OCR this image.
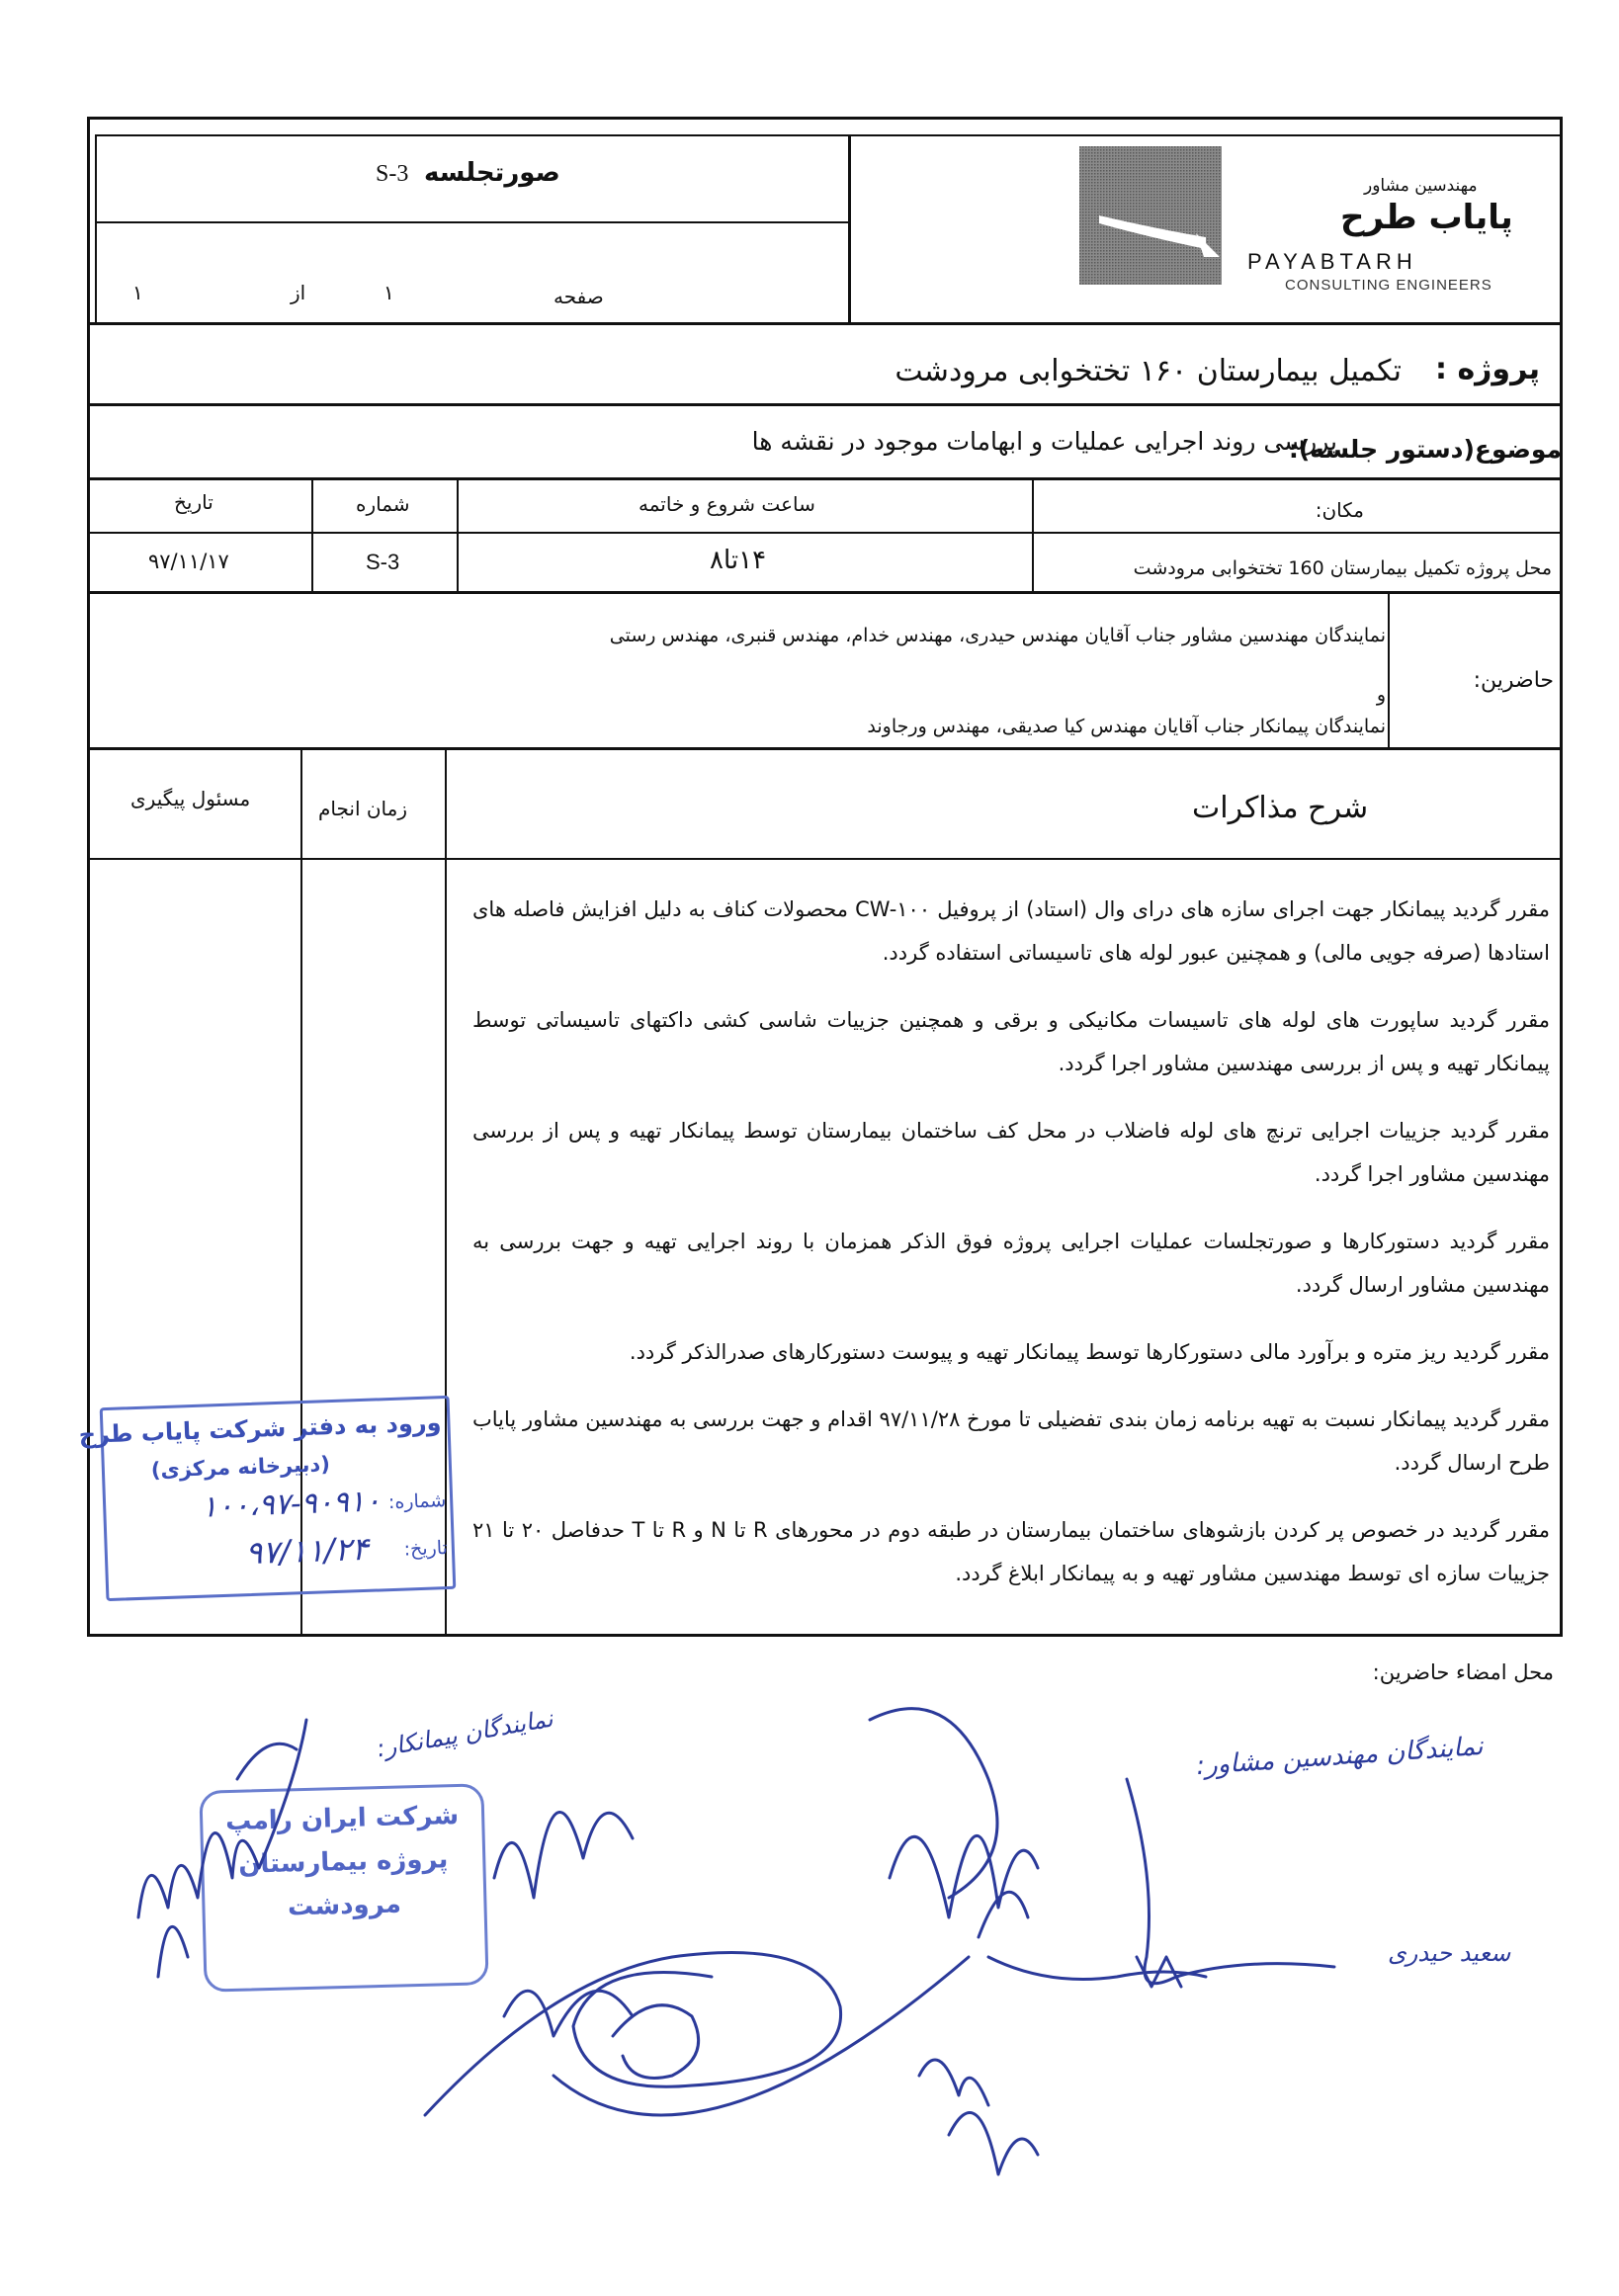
صورتجلسه S-3
صفحه
۱
از
۱
مهندسین مشاور
پایاب طرح
PAYABTARH
CONSULTING ENGINEERS
پروژه :
تکمیل بیمارستان ۱۶۰ تختخوابی مرودشت
موضوع(دستور جلسه):
بررسی روند اجرایی عملیات و ابهامات موجود در نقشه ها
مکان:
ساعت شروع و خاتمه
شماره
تاریخ
محل پروژه تکمیل بیمارستان 160 تختخوابی مرودشت
۱۴تا۸
S-3
۹۷/۱۱/۱۷
حاضرین:
نمایندگان مهندسین مشاور جناب آقایان مهندس حیدری، مهندس خدام، مهندس قنبری، مهندس رستی
و
نمایندگان پیمانکار جناب آقایان مهندس کیا صدیقی، مهندس ورجاوند
شرح مذاکرات
زمان انجام
مسئول پیگیری

مقرر گردید پیمانکار جهت اجرای سازه های درای وال (استاد) از پروفیل CW-۱۰۰ محصولات کناف به دلیل افزایش فاصله های استادها (صرفه جویی مالی) و همچنین عبور لوله های تاسیساتی استفاده گردد.

مقرر گردید ساپورت های لوله های تاسیسات مکانیکی و برقی و همچنین جزییات شاسی کشی داکتهای تاسیساتی توسط پیمانکار تهیه و پس از بررسی مهندسین مشاور اجرا گردد.

مقرر گردید جزییات اجرایی ترنچ های لوله فاضلاب در محل کف ساختمان بیمارستان توسط پیمانکار تهیه و پس از بررسی مهندسین مشاور اجرا گردد.

مقرر گردید دستورکارها و صورتجلسات عملیات اجرایی پروژه فوق الذکر همزمان با روند اجرایی تهیه و جهت بررسی به مهندسین مشاور ارسال گردد.

مقرر گردید ریز متره و برآورد مالی دستورکارها توسط پیمانکار تهیه و پیوست دستورکارهای صدرالذکر گردد.

مقرر گردید پیمانکار نسبت به تهیه برنامه زمان بندی تفضیلی تا مورخ ۹۷/۱۱/۲۸ اقدام و جهت بررسی به مهندسین مشاور پایاب طرح ارسال گردد.

مقرر گردید در خصوص پر کردن بازشوهای ساختمان بیمارستان در طبقه دوم در محورهای R تا N و R تا T حدفاصل ۲۰ تا ۲۱ جزییات سازه ای توسط مهندسین مشاور تهیه و به پیمانکار ابلاغ گردد.

ورود به دفتر شرکت پایاب طرح
(دبیرخانه مرکزی)
شماره:
۱۰۰،۹۷-۹۰۹۱۰
تاریخ:
۹۷/۱۱/۲۴
محل امضاء حاضرین:
نمایندگان پیمانکار:	نمایندگان مهندسین مشاور:
سعید حیدری
شرکت ایران رامپ
پروژه بیمارستان
مرودشت
